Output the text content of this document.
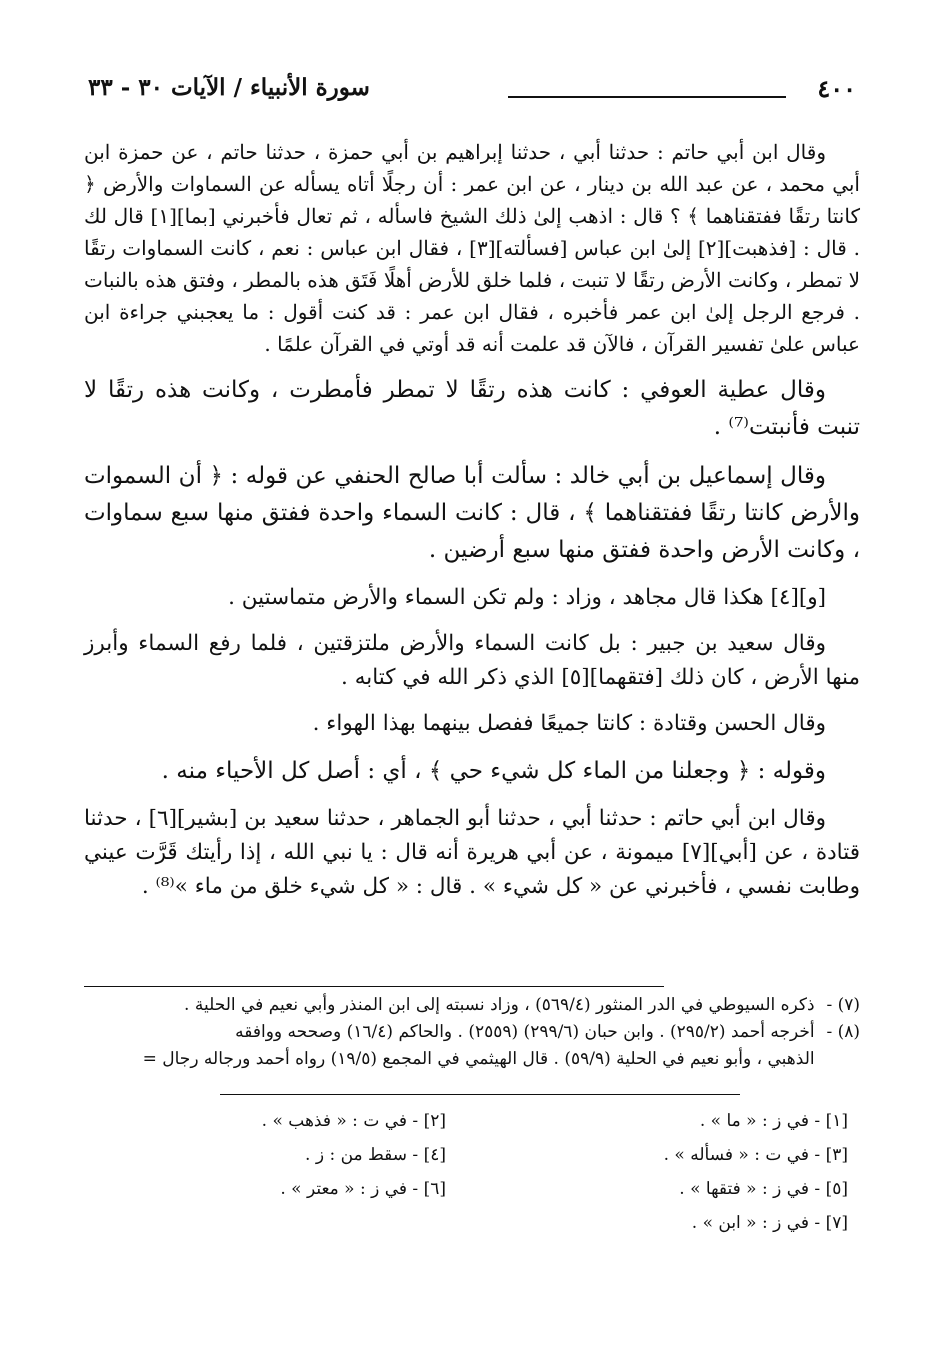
٤٠٠
سورة الأنبياء / الآيات ٣٠ - ٣٣

وقال ابن أبي حاتم : حدثنا أبي ، حدثنا إبراهيم بن أبي حمزة ، حدثنا حاتم ، عن حمزة ابن أبي محمد ، عن عبد الله بن دينار ، عن ابن عمر : أن رجلًا أتاه يسأله عن السماوات والأرض ﴿ كانتا رتقًا ففتقناهما ﴾ ؟ قال : اذهب إلىٰ ذلك الشيخ فاسأله ، ثم تعال فأخبرني [بما][١] قال لك . قال : [فذهبت][٢] إلىٰ ابن عباس [فسألته][٣] ، فقال ابن عباس : نعم ، كانت السماوات رتقًا لا تمطر ، وكانت الأرض رتقًا لا تنبت ، فلما خلق للأرض أهلًا فَتَق هذه بالمطر ، وفتق هذه بالنبات . فرجع الرجل إلىٰ ابن عمر فأخبره ، فقال ابن عمر : قد كنت أقول : ما يعجبني جراءة ابن عباس علىٰ تفسير القرآن ، فالآن قد علمت أنه قد أوتي في القرآن علمًا .

وقال عطية العوفي : كانت هذه رتقًا لا تمطر فأمطرت ، وكانت هذه رتقًا لا تنبت فأنبتت⁽⁷⁾ .

وقال إسماعيل بن أبي خالد : سألت أبا صالح الحنفي عن قوله : ﴿ أن السموات والأرض كانتا رتقًا ففتقناهما ﴾ ، قال : كانت السماء واحدة ففتق منها سبع سماوات ، وكانت الأرض واحدة ففتق منها سبع أرضين .

[و][٤] هكذا قال مجاهد ، وزاد : ولم تكن السماء والأرض متماستين .

وقال سعيد بن جبير : بل كانت السماء والأرض ملتزقتين ، فلما رفع السماء وأبرز منها الأرض ، كان ذلك [فتقهما][٥] الذي ذكر الله في كتابه .

وقال الحسن وقتادة : كانتا جميعًا ففصل بينهما بهذا الهواء .

وقوله : ﴿ وجعلنا من الماء كل شيء حي ﴾ ، أي : أصل كل الأحياء منه .

وقال ابن أبي حاتم : حدثنا أبي ، حدثنا أبو الجماهر ، حدثنا سعيد بن [بشير][٦] ، حدثنا قتادة ، عن [أبي][٧] ميمونة ، عن أبي هريرة أنه قال : يا نبي الله ، إذا رأيتك قَرَّت عيني وطابت نفسي ، فأخبرني عن « كل شيء » . قال : « كل شيء خلق من ماء »⁽⁸⁾ .

(٧) - ذكره السيوطي في الدر المنثور (٥٦٩/٤) ، وزاد نسبته إلى ابن المنذر وأبي نعيم في الحلية .

(٨) - أخرجه أحمد (٢٩٥/٢) . وابن حبان (٢٩٩/٦) (٢٥٥٩) . والحاكم (١٦/٤) وصححه ووافقه

الذهبي ، وأبو نعيم في الحلية (٥٩/٩) . قال الهيثمي في المجمع (١٩/٥) رواه أحمد ورجاله رجال =

[١] - في ز : « ما » .
[٢] - في ت : « فذهب » .
[٣] - في ت : « فسأله » .
[٤] - سقط من : ز .
[٥] - في ز : « فتقها » .
[٦] - في ز : « معتر » .
[٧] - في ز : « ابن » .
